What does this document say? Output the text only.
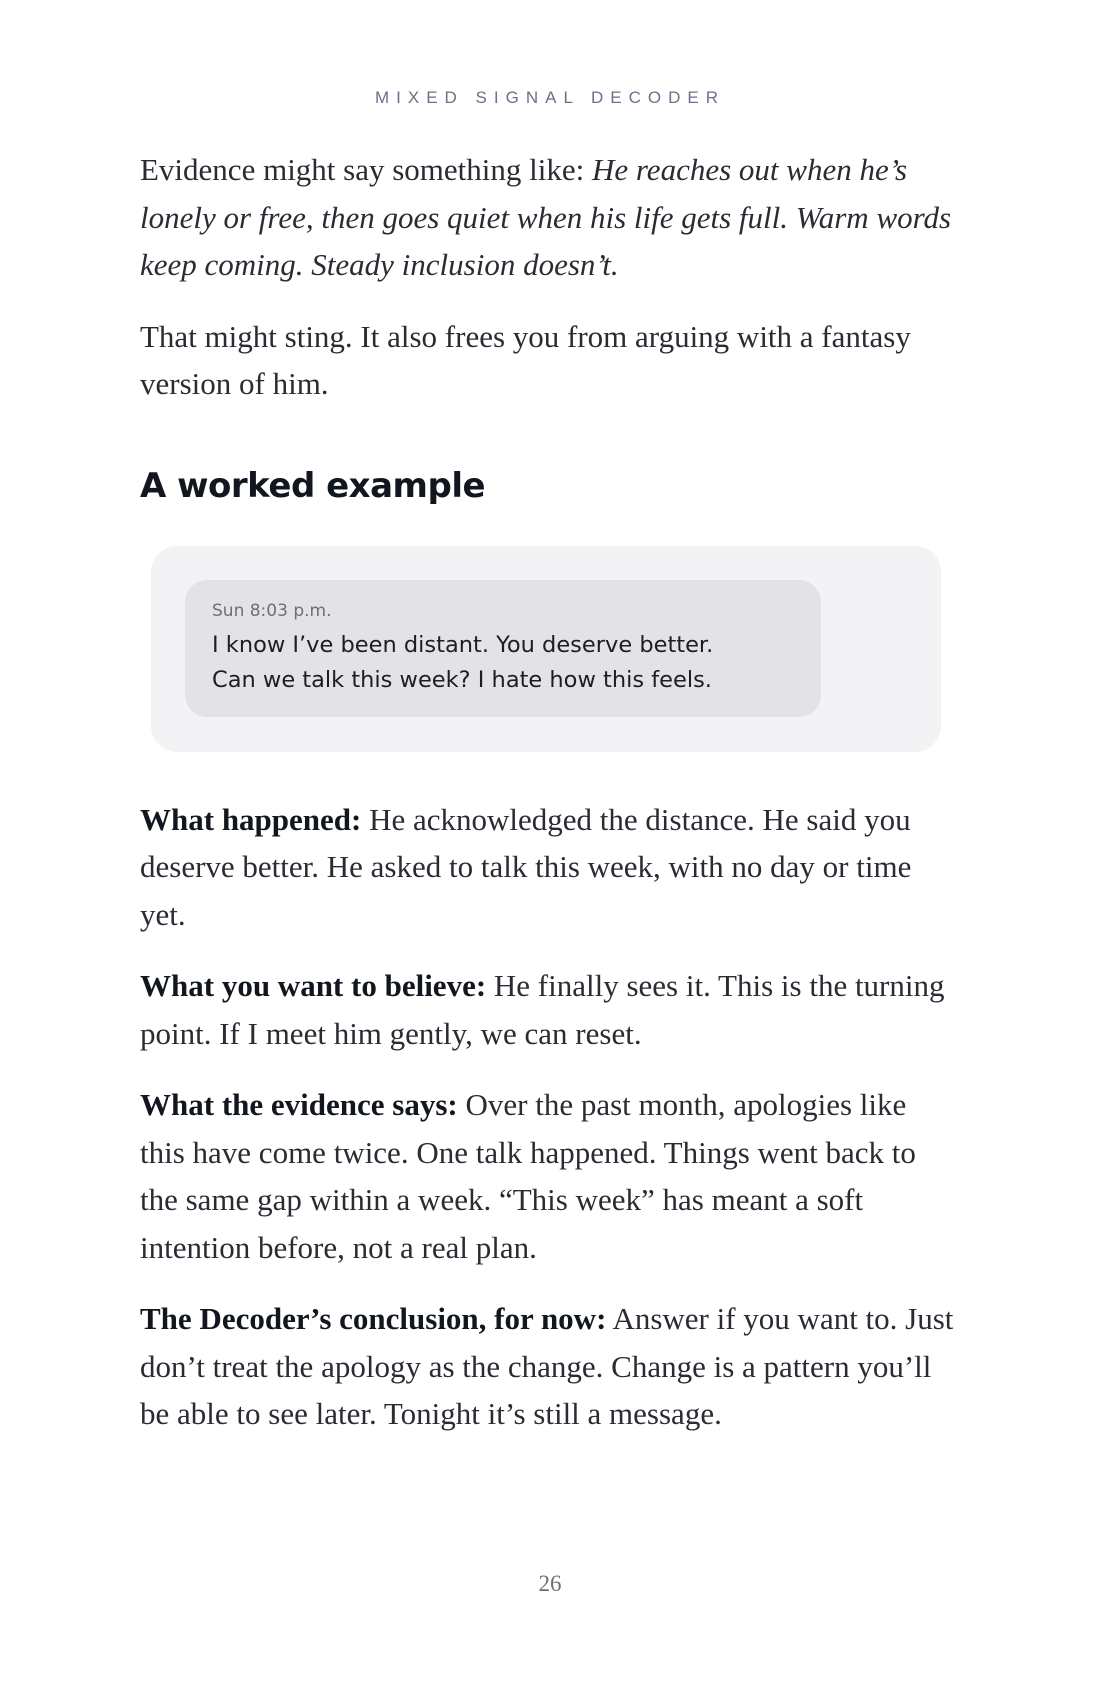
MIXED SIGNAL DECODER

Evidence might say something like: He reaches out when he’s lonely or free, then goes quiet when his life gets full. Warm words keep coming. Steady inclusion doesn’t.

That might sting. It also frees you from arguing with a fantasy version of him.

A worked example
Sun 8:03 p.m.
I know I’ve been distant. You deserve better.
Can we talk this week? I hate how this feels.

What happened: He acknowledged the distance. He said you deserve better. He asked to talk this week, with no day or time yet.

What you want to believe: He finally sees it. This is the turning point. If I meet him gently, we can reset.

What the evidence says: Over the past month, apologies like this have come twice. One talk happened. Things went back to the same gap within a week. “This week” has meant a soft intention before, not a real plan.

The Decoder’s conclusion, for now: Answer if you want to. Just don’t treat the apology as the change. Change is a pattern you’ll be able to see later. Tonight it’s still a message.

26
